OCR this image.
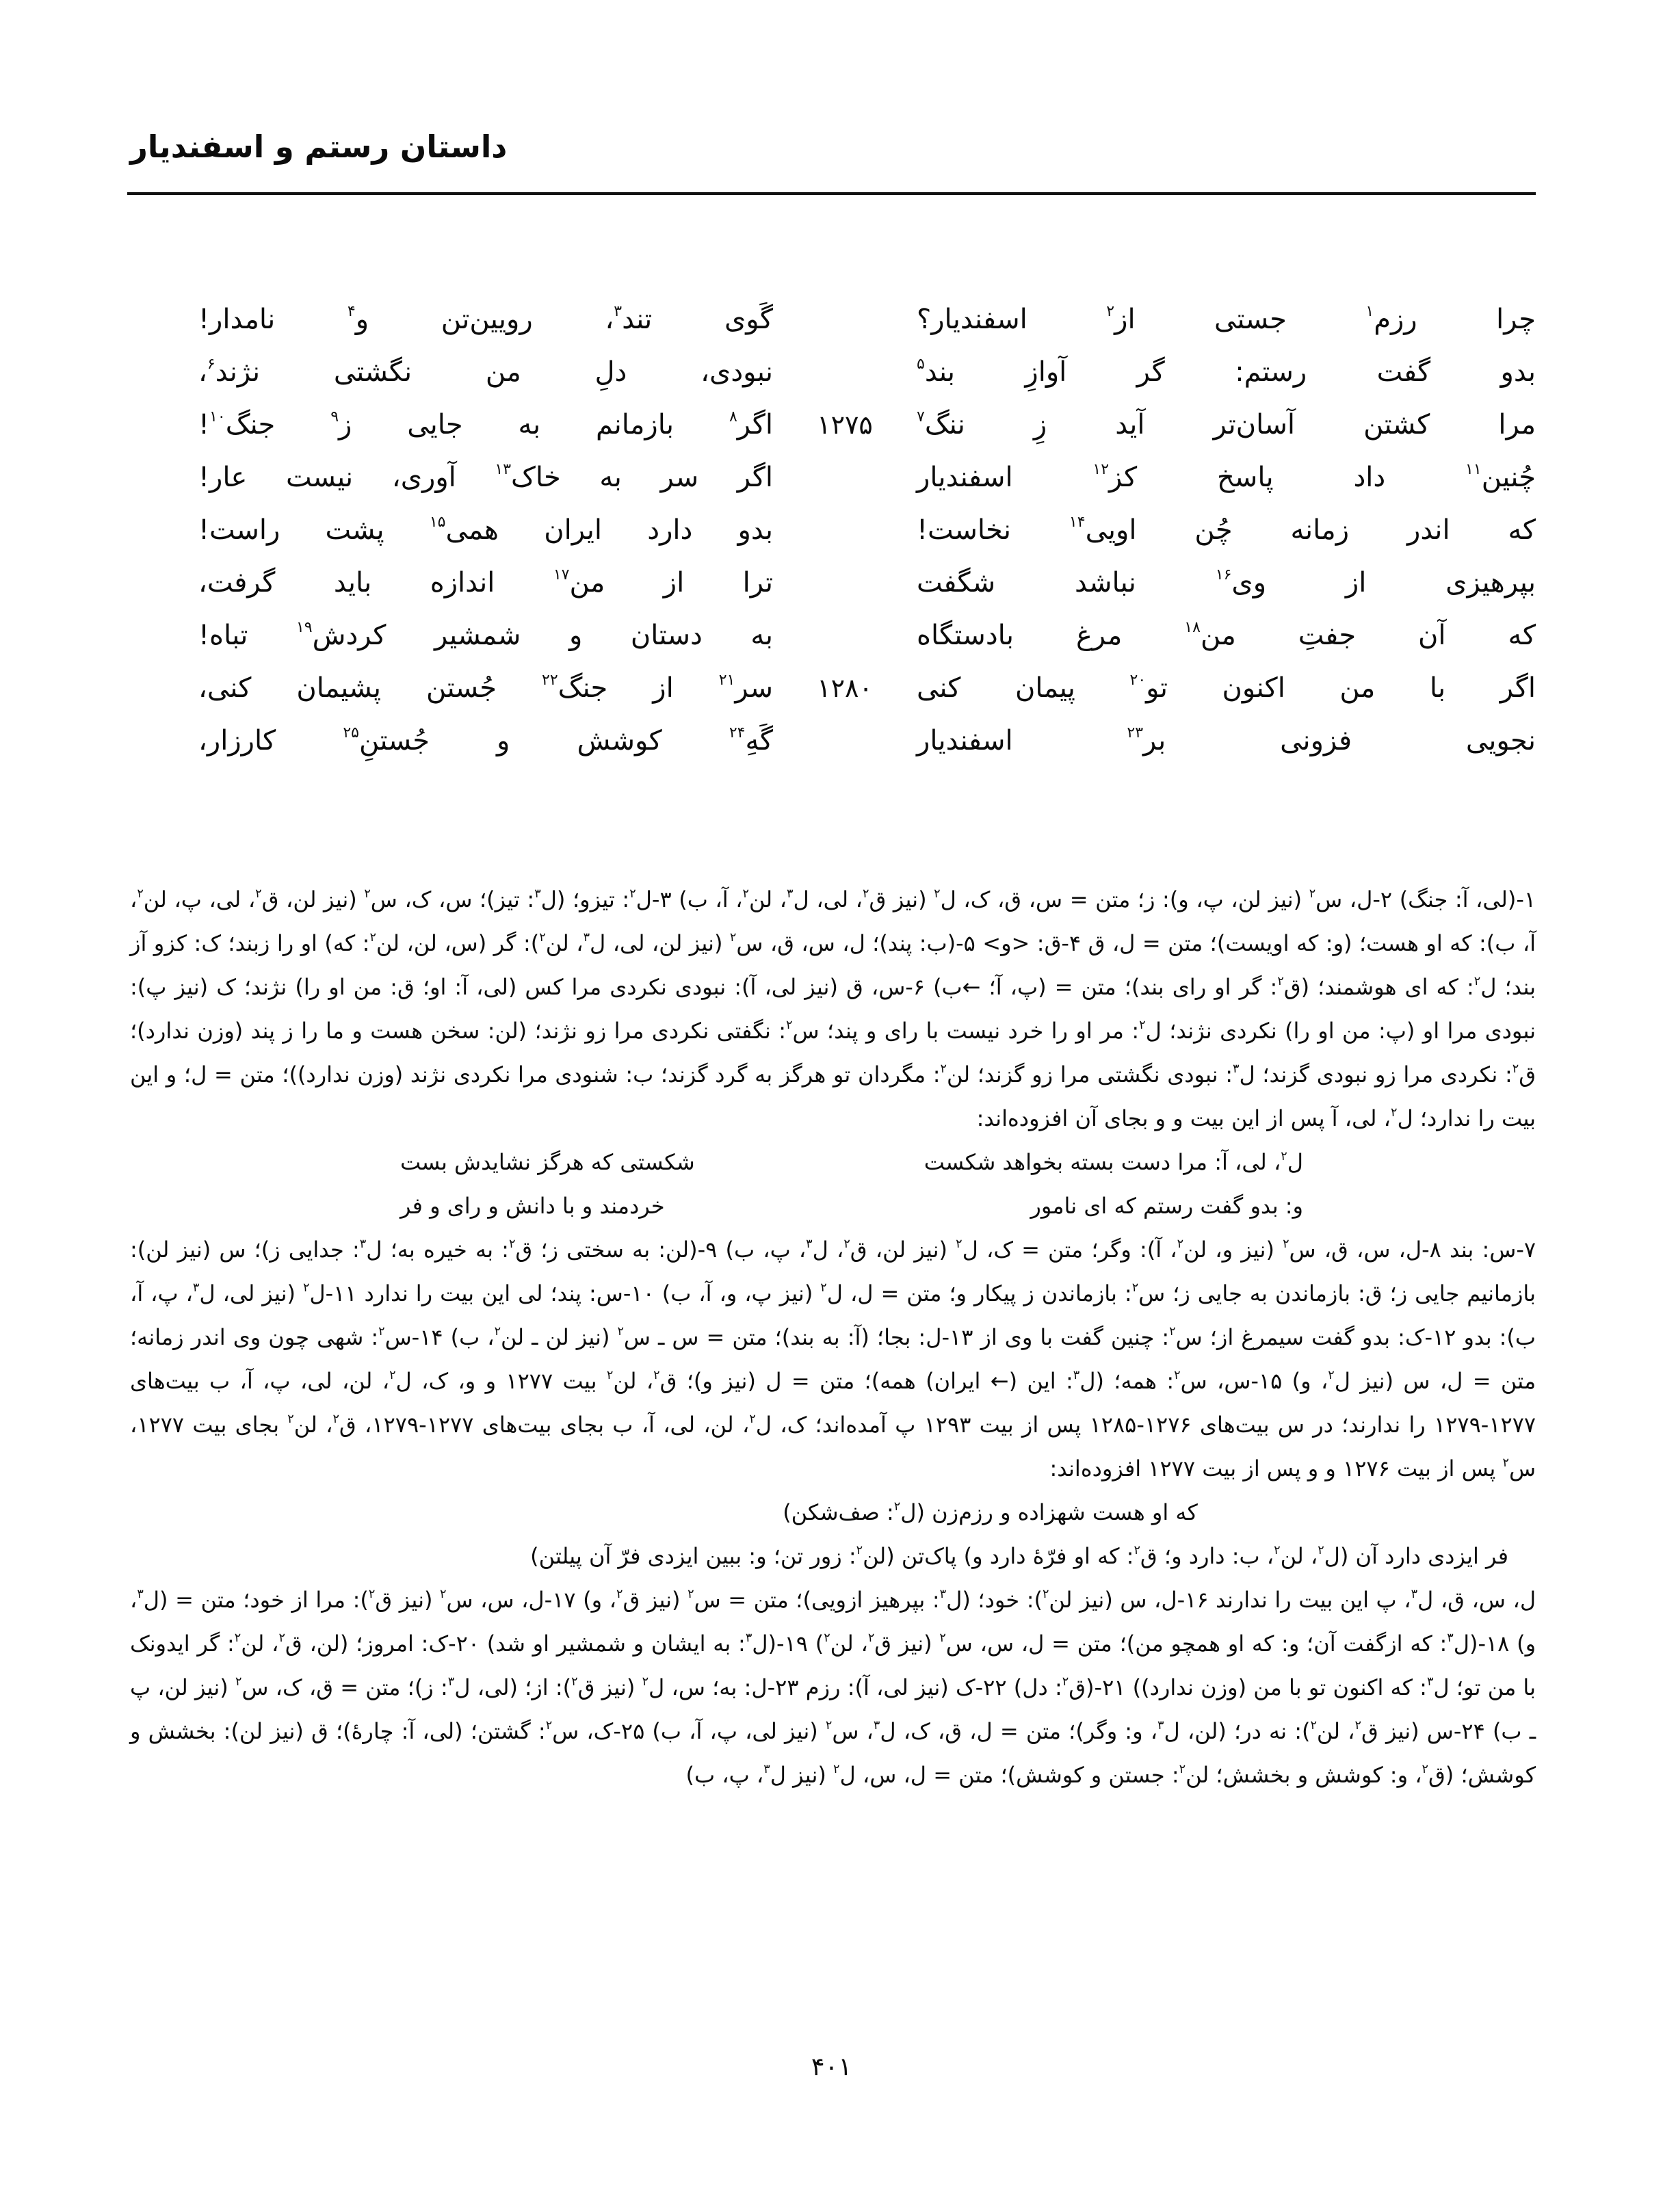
داستان رستم و اسفندیار
چرا رزم$^۱$ جستی از$^۲$ اسفندیار؟
گَوی تند$^۳$، رویین‌تن و$^۴$ نامدار!
بدو گفت رستم: گر آوازِ بند$^۵$
نبودی، دلِ من نگشتی نژند$^۶$،
مرا کشتن آسان‌تر آید زِ ننگ$^۷$
۱۲۷۵
اگر$^۸$ بازمانم به جایی ز$^۹$ جنگ$^{۱۰}$!
چُنین$^{۱۱}$ داد پاسخ کز$^{۱۲}$ اسفندیار
اگر سر به خاک$^{۱۳}$ آوری، نیست عار!
که اندر زمانه چُن اویی$^{۱۴}$ نخاست!
بدو دارد ایران همی$^{۱۵}$ پشت راست!
بپرهیزی از وی$^{۱۶}$ نباشد شگفت
ترا از من$^{۱۷}$ اندازه باید گرفت،
که آن جفتِ من$^{۱۸}$ مرغ بادستگاه
به دستان و شمشیر کردش$^{۱۹}$ تباه!
اگر با من اکنون تو$^{۲۰}$ پیمان کنی
۱۲۸۰
سر$^{۲۱}$ از جنگ$^{۲۲}$ جُستن پشیمان کنی،
نجویی فزونی بر$^{۲۳}$ اسفندیار
گَهِ$^{۲۴}$ کوشش و جُستنِ$^{۲۵}$ کارزار،
۱-(لی، آ: جنگ) ۲-ل، س$^۲$ (نیز لن، پ، و): ز؛ متن = س، ق، ک، ل$^۲$ (نیز ق$^۲$، لی، ل$^۳$، لن$^۲$، آ، ب) ۳-ل$^۲$: تیزو؛ (ل$^۳$: تیز)؛ س، ک، س$^۲$ (نیز لن، ق$^۲$، لی، پ، لن$^۲$، آ، ب): که او هست؛ (و: که اویست)؛ متن = ل، ق ۴-ق: <و> ۵-(ب: پند)؛ ل، س، ق، س$^۲$ (نیز لن، لی، ل$^۳$، لن$^۲$): گر (س، لن، لن$^۲$: که) او را زبند؛ ک: کزو آز بند؛ ل$^۲$: که ای هوشمند؛ (ق$^۲$: گر او رای بند)؛ متن = (پ، آ؛ ←ب) ۶-س، ق (نیز لی، آ): نبودی نکردی مرا کس (لی، آ: او؛ ق: من او را) نژند؛ ک (نیز پ): نبودی مرا او (پ: من او را) نکردی نژند؛ ل$^۲$: مر او را خرد نیست با رای و پند؛ س$^۲$: نگفتی نکردی مرا زو نژند؛ (لن: سخن هست و ما را ز پند (وزن ندارد)؛ ق$^۲$: نکردی مرا زو نبودی گزند؛ ل$^۳$: نبودی نگشتی مرا زو گزند؛ لن$^۲$: مگردان تو هرگز به گرد گزند؛ ب: شنودی مرا نکردی نژند (وزن ندارد))؛ متن = ل؛ و این بیت را ندارد؛ ل$^۲$، لی، آ پس از این بیت و و بجای آن افزوده‌اند:
ل$^۲$، لی، آ: مرا دست بسته بخواهد شکست
شکستی که هرگز نشایدش بست
و: بدو گفت رستم که ای نامور
خردمند و با دانش و رای و فر
۷-س: بند ۸-ل، س، ق، س$^۲$ (نیز و، لن$^۲$، آ): وگر؛ متن = ک، ل$^۲$ (نیز لن، ق$^۲$، ل$^۳$، پ، ب) ۹-(لن: به سختی ز؛ ق$^۲$: به خیره به؛ ل$^۳$: جدایی ز)؛ س (نیز لن): بازمانیم جایی ز؛ ق: بازماندن به جایی ز؛ س$^۲$: بازماندن ز پیکار و؛ متن = ل، ل$^۲$ (نیز پ، و، آ، ب) ۱۰-س: پند؛ لی این بیت را ندارد ۱۱-ل$^۲$ (نیز لی، ل$^۳$، پ، آ، ب): بدو ۱۲-ک: بدو گفت سیمرغ از؛ س$^۲$: چنین گفت با وی از ۱۳-ل: بجا؛ (آ: به بند)؛ متن = س ـ س$^۲$ (نیز لن ـ لن$^۲$، ب) ۱۴-س$^۲$: شهی چون وی اندر زمانه؛ متن = ل، س (نیز ل$^۲$، و) ۱۵-س، س$^۲$: همه؛ (ل$^۳$: این (← ایران) همه)؛ متن = ل (نیز و)؛ ق$^۲$، لن$^۲$ بیت ۱۲۷۷ و و، ک، ل$^۲$، لن، لی، پ، آ، ب بیت‌های ۱۲۷۷-۱۲۷۹ را ندارند؛ در س بیت‌های ۱۲۷۶-۱۲۸۵ پس از بیت ۱۲۹۳ پ آمده‌اند؛ ک، ل$^۲$، لن، لی، آ، ب بجای بیت‌های ۱۲۷۷-۱۲۷۹، ق$^۲$، لن$^۲$ بجای بیت ۱۲۷۷، س$^۲$ پس از بیت ۱۲۷۶ و و پس از بیت ۱۲۷۷ افزوده‌اند:
که او هست شهزاده و رزم‌زن (ل$^۲$: صف‌شکن)
فر ایزدی دارد آن (ل$^۲$، لن$^۲$، ب: دارد و؛ ق$^۲$: که او فرّهٔ دارد و) پاک‌تن (لن$^۲$: زور تن؛ و: ببین ایزدی فرّ آن پیلتن)
ل، س، ق، ل$^۳$، پ این بیت را ندارند ۱۶-ل، س (نیز لن$^۲$): خود؛ (ل$^۳$: بپرهیز ازویی)؛ متن = س$^۲$ (نیز ق$^۲$، و) ۱۷-ل، س، س$^۲$ (نیز ق$^۲$): مرا از خود؛ متن = (ل$^۳$، و) ۱۸-(ل$^۳$: که ازگفت آن؛ و: که او همچو من)؛ متن = ل، س، س$^۲$ (نیز ق$^۲$، لن$^۲$) ۱۹-(ل$^۳$: به ایشان و شمشیر او شد) ۲۰-ک: امروز؛ (لن، ق$^۲$، لن$^۲$: گر ایدونک با من تو؛ ل$^۳$: که اکنون تو با من (وزن ندارد)) ۲۱-(ق$^۲$: دل) ۲۲-ک (نیز لی، آ): رزم ۲۳-ل: به؛ س، ل$^۲$ (نیز ق$^۲$): از؛ (لی، ل$^۳$: ز)؛ متن = ق، ک، س$^۲$ (نیز لن، پ ـ ب) ۲۴-س (نیز ق$^۲$، لن$^۲$): نه در؛ (لن، ل$^۳$، و: وگر)؛ متن = ل، ق، ک، ل$^۳$، س$^۲$ (نیز لی، پ، آ، ب) ۲۵-ک، س$^۲$: گشتن؛ (لی، آ: چارهٔ)؛ ق (نیز لن): بخشش و کوشش؛ (ق$^۲$، و: کوشش و بخشش؛ لن$^۲$: جستن و کوشش)؛ متن = ل، س، ل$^۲$ (نیز ل$^۳$، پ، ب)
۴۰۱
